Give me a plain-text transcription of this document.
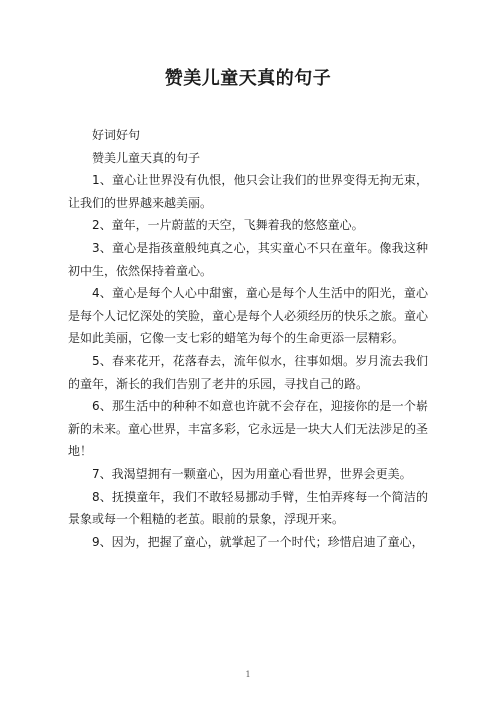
赞美儿童天真的句子

好词好句

赞美儿童天真的句子

1、童心让世界没有仇恨，他只会让我们的世界变得无拘无束，让我们的世界越来越美丽。

2、童年，一片蔚蓝的天空，飞舞着我的悠悠童心。

3、童心是指孩童般纯真之心，其实童心不只在童年。像我这种初中生，依然保持着童心。

4、童心是每个人心中甜蜜，童心是每个人生活中的阳光，童心是每个人记忆深处的笑脸，童心是每个人必须经历的快乐之旅。童心是如此美丽，它像一支七彩的蜡笔为每个的生命更添一层精彩。

5、春来花开，花落春去，流年似水，往事如烟。岁月流去我们的童年，渐长的我们告别了老井的乐园，寻找自己的路。

6、那生活中的种种不如意也许就不会存在，迎接你的是一个崭新的未来。童心世界，丰富多彩，它永远是一块大人们无法涉足的圣地！

7、我渴望拥有一颗童心，因为用童心看世界，世界会更美。

8、抚摸童年，我们不敢轻易挪动手臂，生怕弄疼每一个简洁的景象或每一个粗糙的老茧。眼前的景象，浮现开来。

9、因为，把握了童心，就掌起了一个时代；珍惜启迪了童心，

1
